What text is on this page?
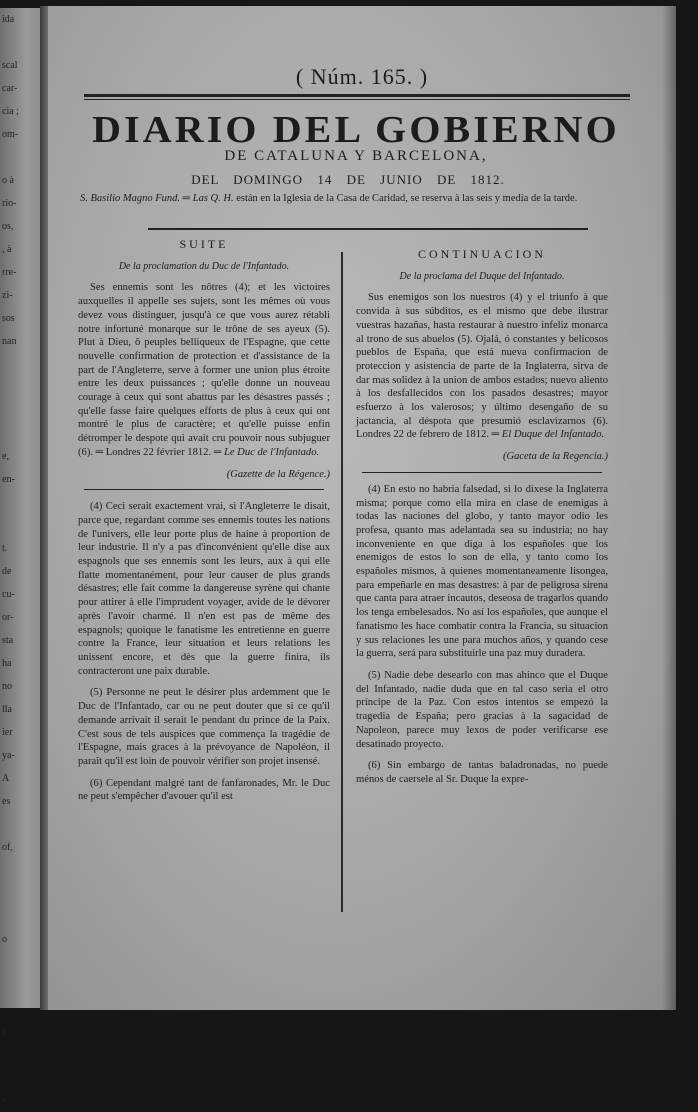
ida

scal
car-
cia ;
om-

o à
rio-
os,
, à
rre-
zi-
sos
nan

e,
en-

t.
de
cu-
or-
sta
ha
no
lla
ier
ya-
A
es

of,

o

y

v
( Núm. 165. )
DIARIO DEL GOBIERNO
DE CATALUNA Y BARCELONA,
DEL DOMINGO 14 DE JUNIO DE 1812.
S. Basilio Magno Fund. ═ Las Q. H. están en la Iglesia de la Casa de Caridad, se reserva à las seis y media de la tarde.

SUITE

De la proclamation du Duc de l'Infantado.

Ses ennemis sont les nôtres (4); et les victoires auxquelles il appelle ses sujets, sont les mêmes où vous devez vous distinguer, jusqu'à ce que vous aurez rétabli notre infortuné monarque sur le trône de ses ayeux (5). Plut à Dieu, ô peuples belliqueux de l'Espagne, que cette nouvelle confirmation de protection et d'assistance de la part de l'Angleterre, serve à former une union plus étroite entre les deux puissances ; qu'elle donne un nouveau courage à ceux qui sont abattus par les désastres passés ; qu'elle fasse faire quelques efforts de plus à ceux qui ont montré le plus de caractère; et qu'elle puisse enfin détromper le despote qui avait cru pouvoir nous subjuguer (6). ═ Londres 22 février 1812. ═ Le Duc de l'Infantado.

(Gazette de la Régence.)

(4) Ceci serait exactement vrai, si l'Angleterre le disait, parce que, regardant comme ses ennemis toutes les nations de l'univers, elle leur porte plus de haine à proportion de leur industrie. Il n'y a pas d'inconvénient qu'elle dise aux espagnols que ses ennemis sont les leurs, aux à qui elle flatte momentanément, pour leur causer de plus grands désastres; elle fait comme la dangereuse syrène qui chante pour attirer à elle l'imprudent voyager, avide de le dévorer après l'avoir charmé. Il n'en est pas de même des espagnols; quoique le fanatisme les entretienne en guerre contre la France, leur situation et leurs relations les unissent encore, et dès que la guerre finira, ils contracteront une paix durable.

(5) Personne ne peut le désirer plus ardemment que le Duc de l'Infantado, car ou ne peut douter que si ce qu'il demande arrivait il serait le pendant du prince de la Paix. C'est sous de tels auspices que commença la tragédie de l'Espagne, mais graces à la prévoyance de Napoléon, il paraît qu'il est loin de pouvoir vérifier son projet insensé.

(6) Cependant malgré tant de fanfaronades, Mr. le Duc ne peut s'empêcher d'avouer qu'il est

CONTINUACION

De la proclama del Duque del Infantado.

Sus enemigos son los nuestros (4) y el triunfo à que convida à sus súbditos, es el mismo que debe ilustrar vuestras hazañas, hasta restaurar à nuestro infeliz monarca al trono de sus abuelos (5). Ojalá, ó constantes y belicosos pueblos de España, que está nueva confirmacion de proteccion y asistencia de parte de la Inglaterra, sirva de dar mas solidez à la union de ambos estados; nuevo aliento à los desfallecidos con los pasados desastres; mayor esfuerzo à los valerosos; y último desengaño de su jactancia, al déspota que presumió esclavizarnos (6). Londres 22 de febrero de 1812. ═ El Duque del Infantado.

(Gaceta de la Regencia.)

(4) En esto no habria falsedad, si lo dixese la Inglaterra misma; porque como ella mira en clase de enemigas à todas las naciones del globo, y tanto mayor odio les profesa, quanto mas adelantada sea su industria; no hay inconveniente en que diga à los españoles que los enemigos de estos lo son de ella, y tanto como los españoles mismos, à quienes momentaneamente lisongea, para empeñarle en mas desastres: à par de peligrosa sirena que canta para atraer incautos, deseosa de tragarlos quando los tenga embelesados. No así los españoles, que aunque el fanatismo les hace combatir contra la Francia, su situacion y sus relaciones les une para muchos años, y quando cese la guerra, será para substituirle una paz muy duradera.

(5) Nadie debe desearlo con mas ahinco que el Duque del Infantado, nadie duda que en tal caso seria el otro príncipe de la Paz. Con estos intentos se empezó la tragedia de España; pero gracias à la sagacidad de Napoleon, parece muy lexos de poder verificarse ese desatinado proyecto.

(6) Sin embargo de tantas baladronadas, no puede ménos de caersele al Sr. Duque la expre-
